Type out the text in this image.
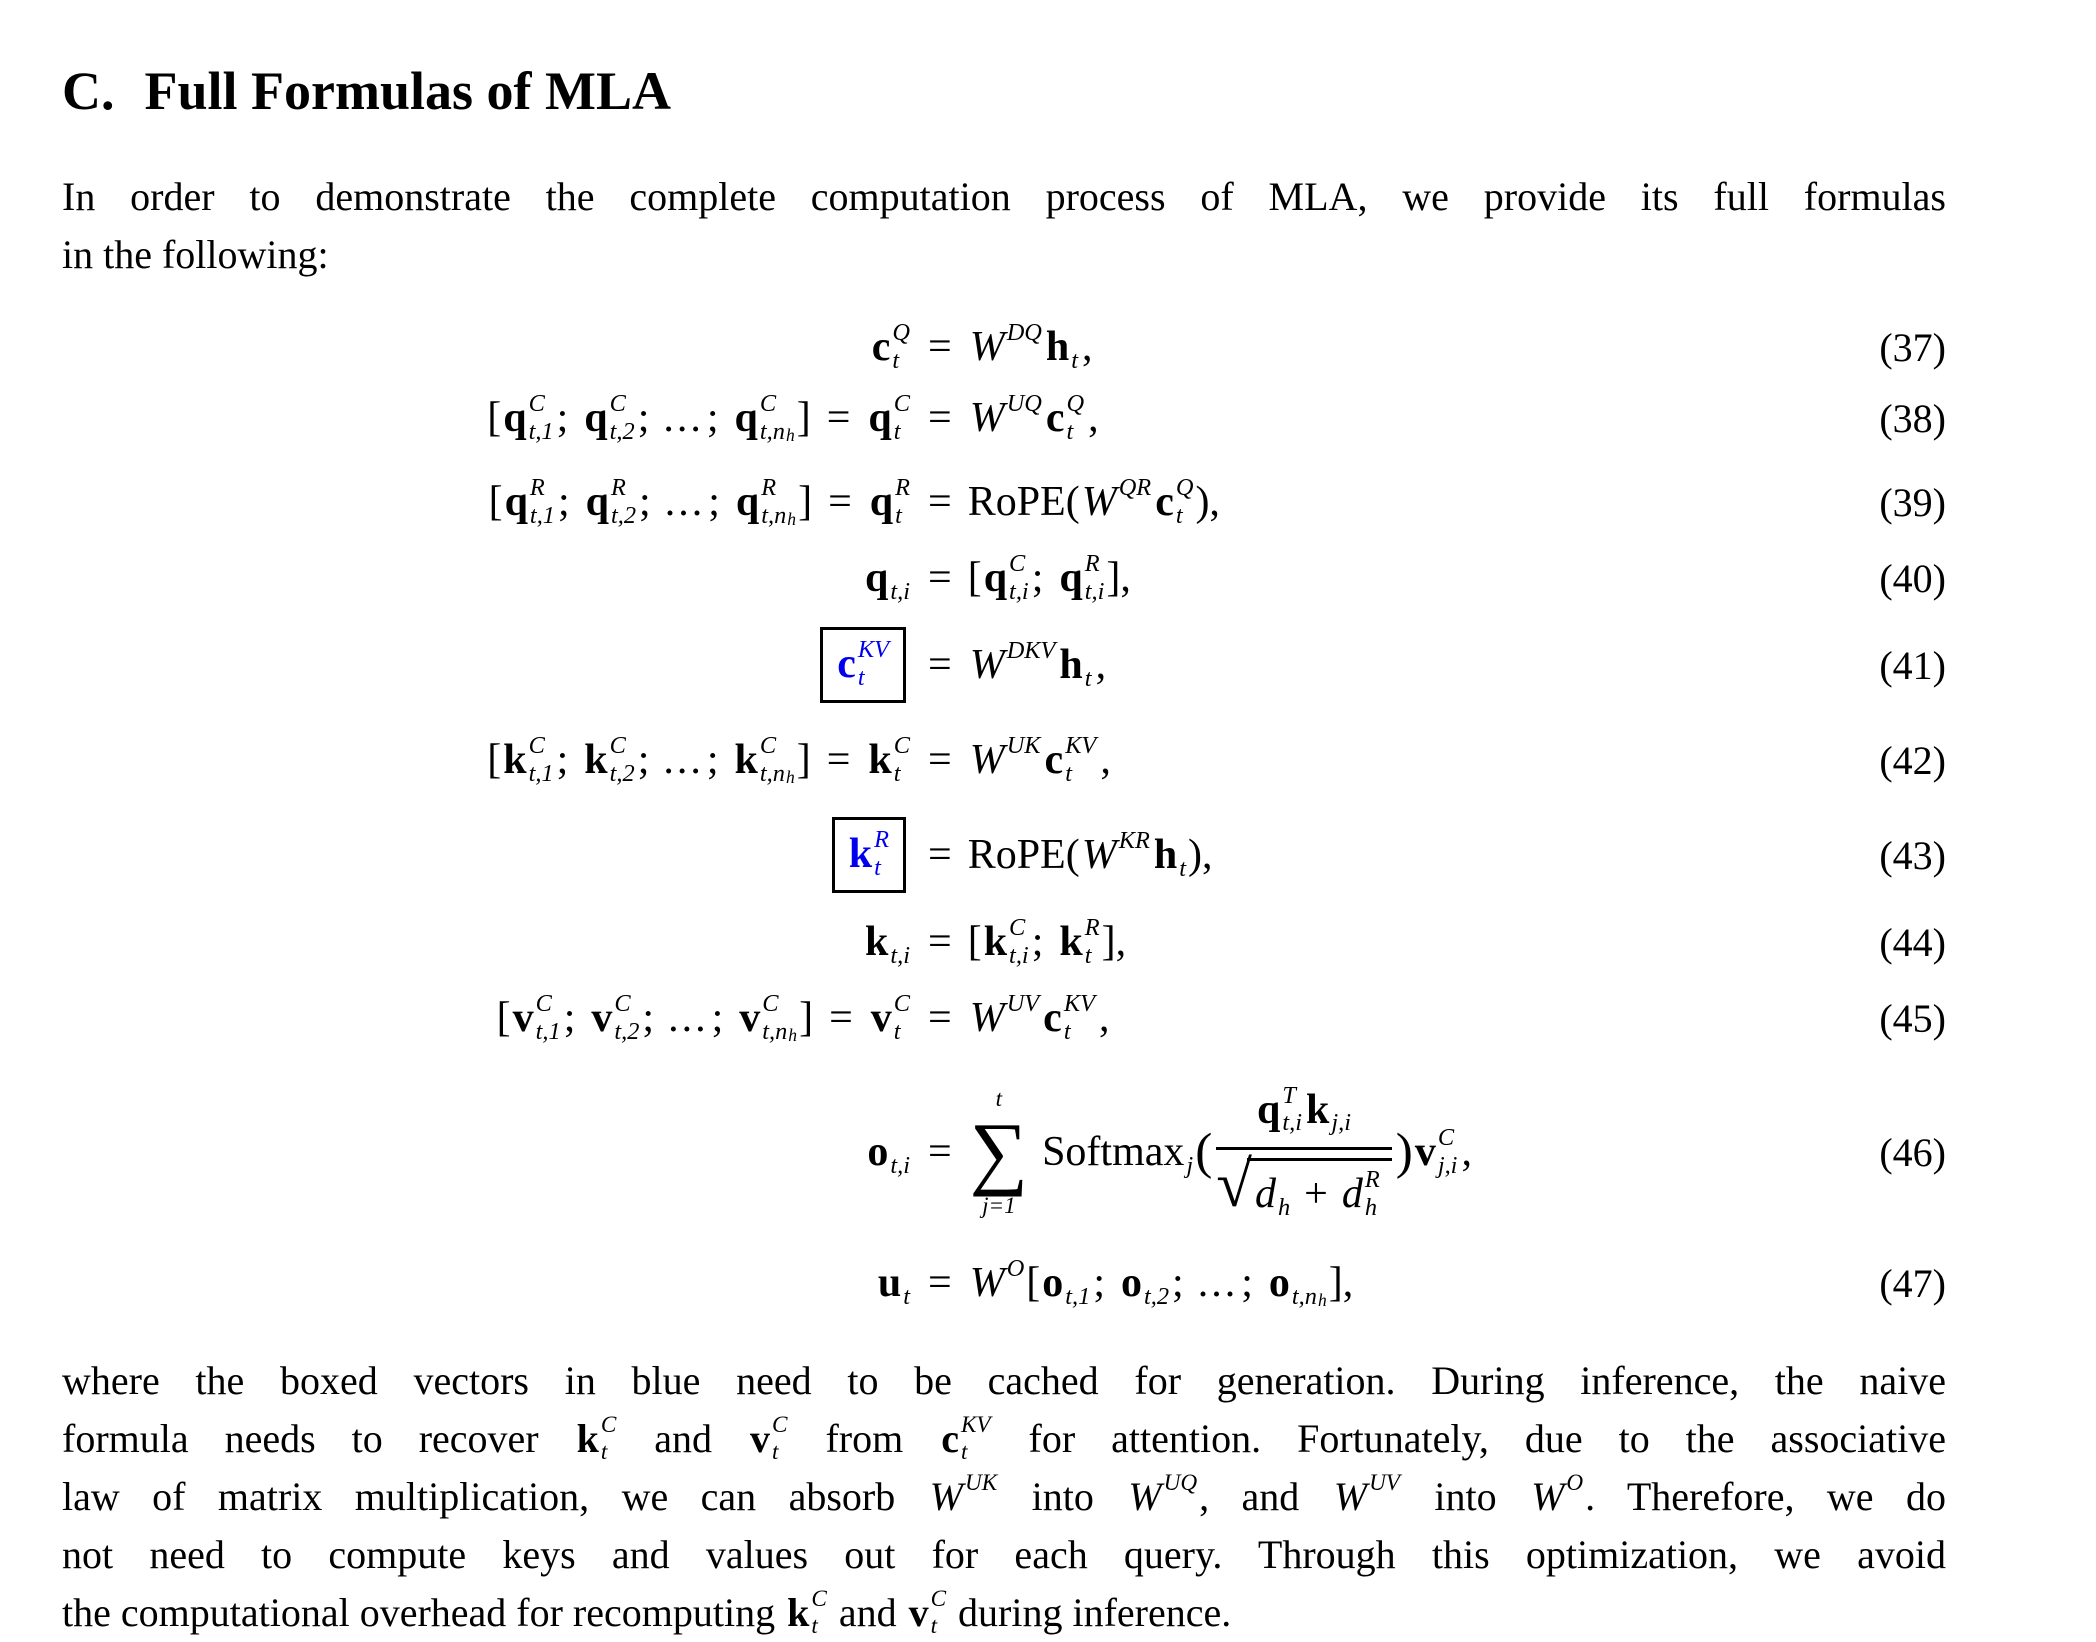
C. Full Formulas of MLA
In order to demonstrate the complete computation process of MLA, we provide its full formulas
in the following:
c Q
t = W DQ h t ,	(37)
[ q C
t,1 ; q C
t,2 ; ... ; q C
t,n h ] = q C
t = W UQ c Q
t ,	(38)
[ q R
t,1 ; q R
t,2 ; ... ; q R
t,n h ] = q R
t = RoPE( W QR c Q
t ),	(39)
q t,i = [ q C
t,i ; q R
t,i ],	(40)
c KV
t	= W DKV h t ,	(41)
[ k C
t,1 ; k C
t,2 ; ... ; k C
t,n h ] = k C
t = W UK c KV
t ,	(42)
k R
t = RoPE( W KR h t ),	(43)
k t,i = [ k C
t,i ; k R
t ],	(44)
[ v C
t,1 ; v C
t,2 ; ... ; v C
t,n h ] = v C
t = W UV c KV
t ,	(45)
o t,i =
t
∑
j=1
Softmax j ( q T
t,i k j,i
√ d h + d R
h ) v C
j,i ,	(46)
u t = W O [ o t,1 ; o t,2 ; ... ; o t,n h ],	(47)
where the boxed vectors in blue need to be cached for generation. During inference, the naive
formula needs to recover k C
t and v C
t from c KV
t for attention. Fortunately, due to the associative
law of matrix multiplication, we can absorb W UK into W UQ , and W UV into W O . Therefore, we do
not need to compute keys and values out for each query. Through this optimization, we avoid
the computational overhead for recomputing k C
t and v C
t during inference.
